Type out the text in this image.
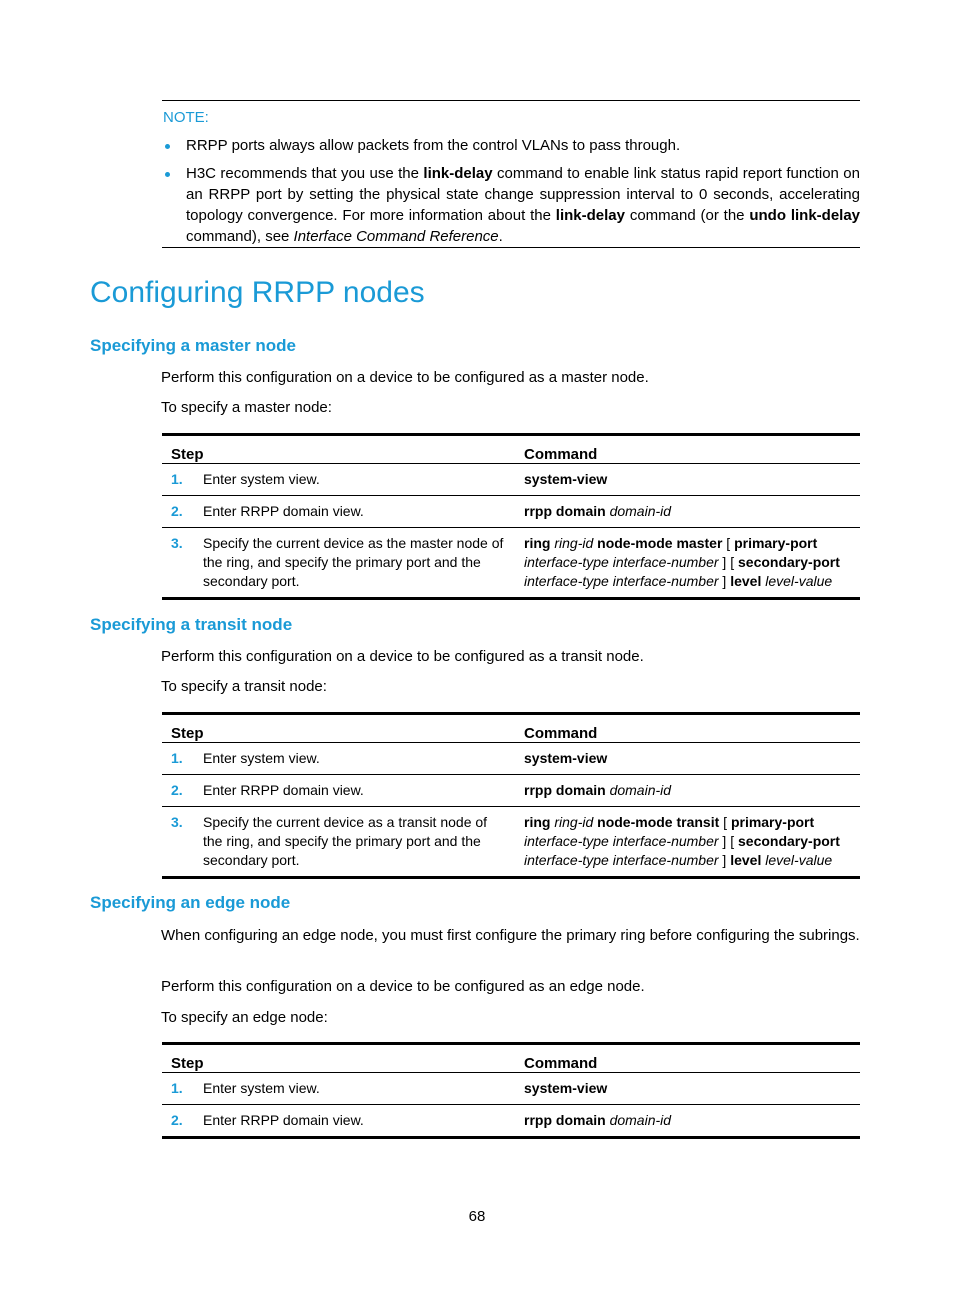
NOTE:
RRPP ports always allow packets from the control VLANs to pass through.
H3C recommends that you use the link-delay command to enable link status rapid report function on an RRPP port by setting the physical state change suppression interval to 0 seconds, accelerating topology convergence. For more information about the link-delay command (or the undo link-delay command), see Interface Command Reference.
Configuring RRPP nodes
Specifying a master node
Perform this configuration on a device to be configured as a master node.
To specify a master node:
Step		Command
1.	Enter system view.	system-view
2.	Enter RRPP domain view.	rrpp domain domain-id
3.	Specify the current device as the master node of the ring, and specify the primary port and the secondary port.	ring ring-id node-mode master [ primary-port interface-type interface-number ] [ secondary-port interface-type interface-number ] level level-value
Specifying a transit node
Perform this configuration on a device to be configured as a transit node.
To specify a transit node:
Step		Command
1.	Enter system view.	system-view
2.	Enter RRPP domain view.	rrpp domain domain-id
3.	Specify the current device as a transit node of the ring, and specify the primary port and the secondary port.	ring ring-id node-mode transit [ primary-port interface-type interface-number ] [ secondary-port interface-type interface-number ] level level-value
Specifying an edge node
When configuring an edge node, you must first configure the primary ring before configuring the subrings.
Perform this configuration on a device to be configured as an edge node.
To specify an edge node:
Step		Command
1.	Enter system view.	system-view
2.	Enter RRPP domain view.	rrpp domain domain-id
68
